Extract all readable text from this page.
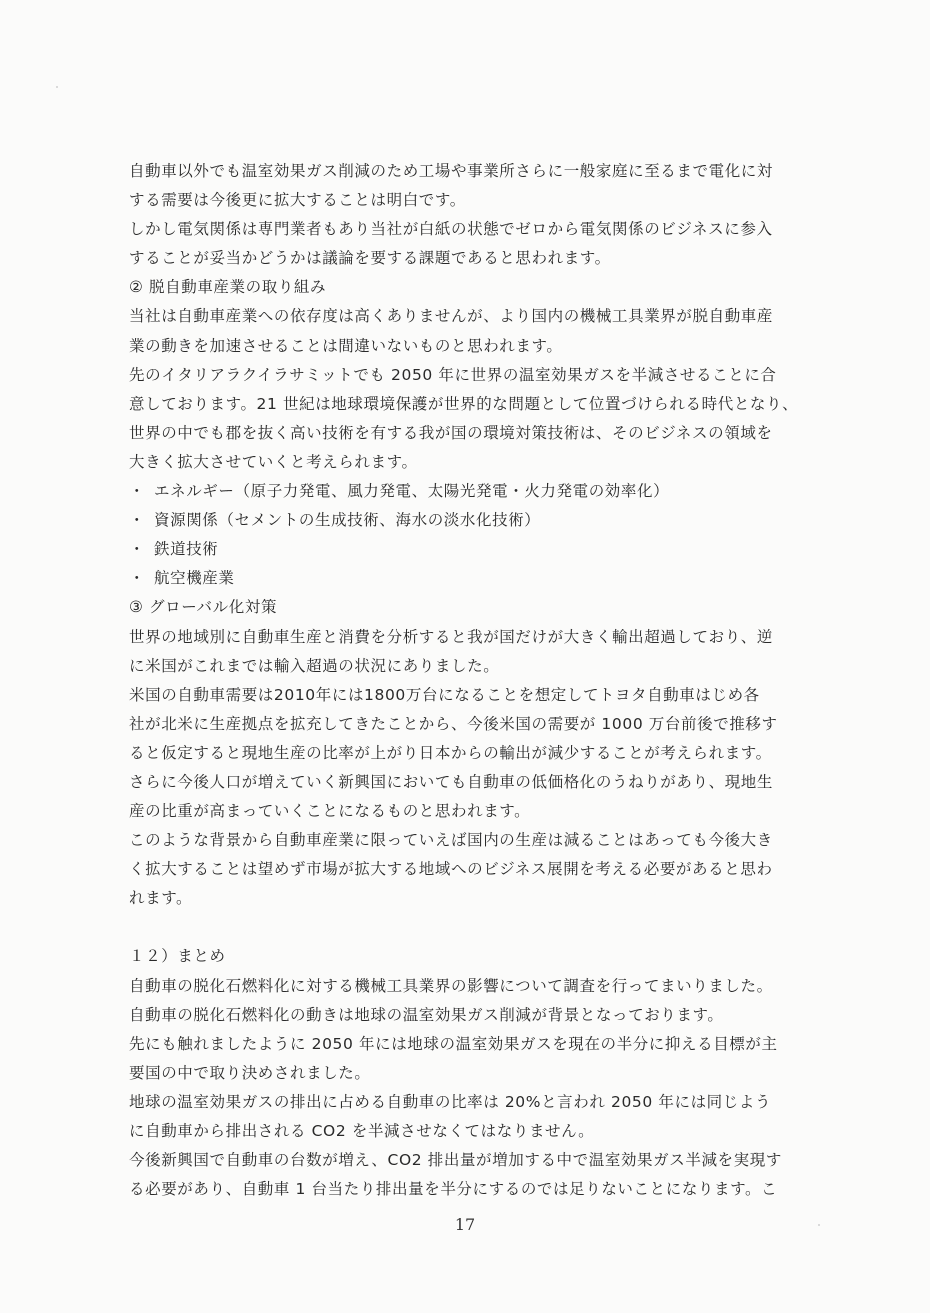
自動車以外でも温室効果ガス削減のため工場や事業所さらに一般家庭に至るまで電化に対
する需要は今後更に拡大することは明白です。
しかし電気関係は専門業者もあり当社が白紙の状態でゼロから電気関係のビジネスに参入
することが妥当かどうかは議論を要する課題であると思われます。
② 脱自動車産業の取り組み
当社は自動車産業への依存度は高くありませんが、より国内の機械工具業界が脱自動車産
業の動きを加速させることは間違いないものと思われます。
先のイタリアラクイラサミットでも 2050 年に世界の温室効果ガスを半減させることに合
意しております。21 世紀は地球環境保護が世界的な問題として位置づけられる時代となり、
世界の中でも郡を抜く高い技術を有する我が国の環境対策技術は、そのビジネスの領域を
大きく拡大させていくと考えられます。
・ エネルギー（原子力発電、風力発電、太陽光発電・火力発電の効率化）
・ 資源関係（セメントの生成技術、海水の淡水化技術）
・ 鉄道技術
・ 航空機産業
③ グローバル化対策
世界の地域別に自動車生産と消費を分析すると我が国だけが大きく輸出超過しており、逆
に米国がこれまでは輸入超過の状況にありました。
米国の自動車需要は2010年には1800万台になることを想定してトヨタ自動車はじめ各
社が北米に生産拠点を拡充してきたことから、今後米国の需要が 1000 万台前後で推移す
ると仮定すると現地生産の比率が上がり日本からの輸出が減少することが考えられます。
さらに今後人口が増えていく新興国においても自動車の低価格化のうねりがあり、現地生
産の比重が高まっていくことになるものと思われます。
このような背景から自動車産業に限っていえば国内の生産は減ることはあっても今後大き
く拡大することは望めず市場が拡大する地域へのビジネス展開を考える必要があると思わ
れます。
１２）まとめ
自動車の脱化石燃料化に対する機械工具業界の影響について調査を行ってまいりました。
自動車の脱化石燃料化の動きは地球の温室効果ガス削減が背景となっております。
先にも触れましたように 2050 年には地球の温室効果ガスを現在の半分に抑える目標が主
要国の中で取り決めされました。
地球の温室効果ガスの排出に占める自動車の比率は 20%と言われ 2050 年には同じよう
に自動車から排出される CO2 を半減させなくてはなりません。
今後新興国で自動車の台数が増え、CO2 排出量が増加する中で温室効果ガス半減を実現す
る必要があり、自動車 1 台当たり排出量を半分にするのでは足りないことになります。こ
17
